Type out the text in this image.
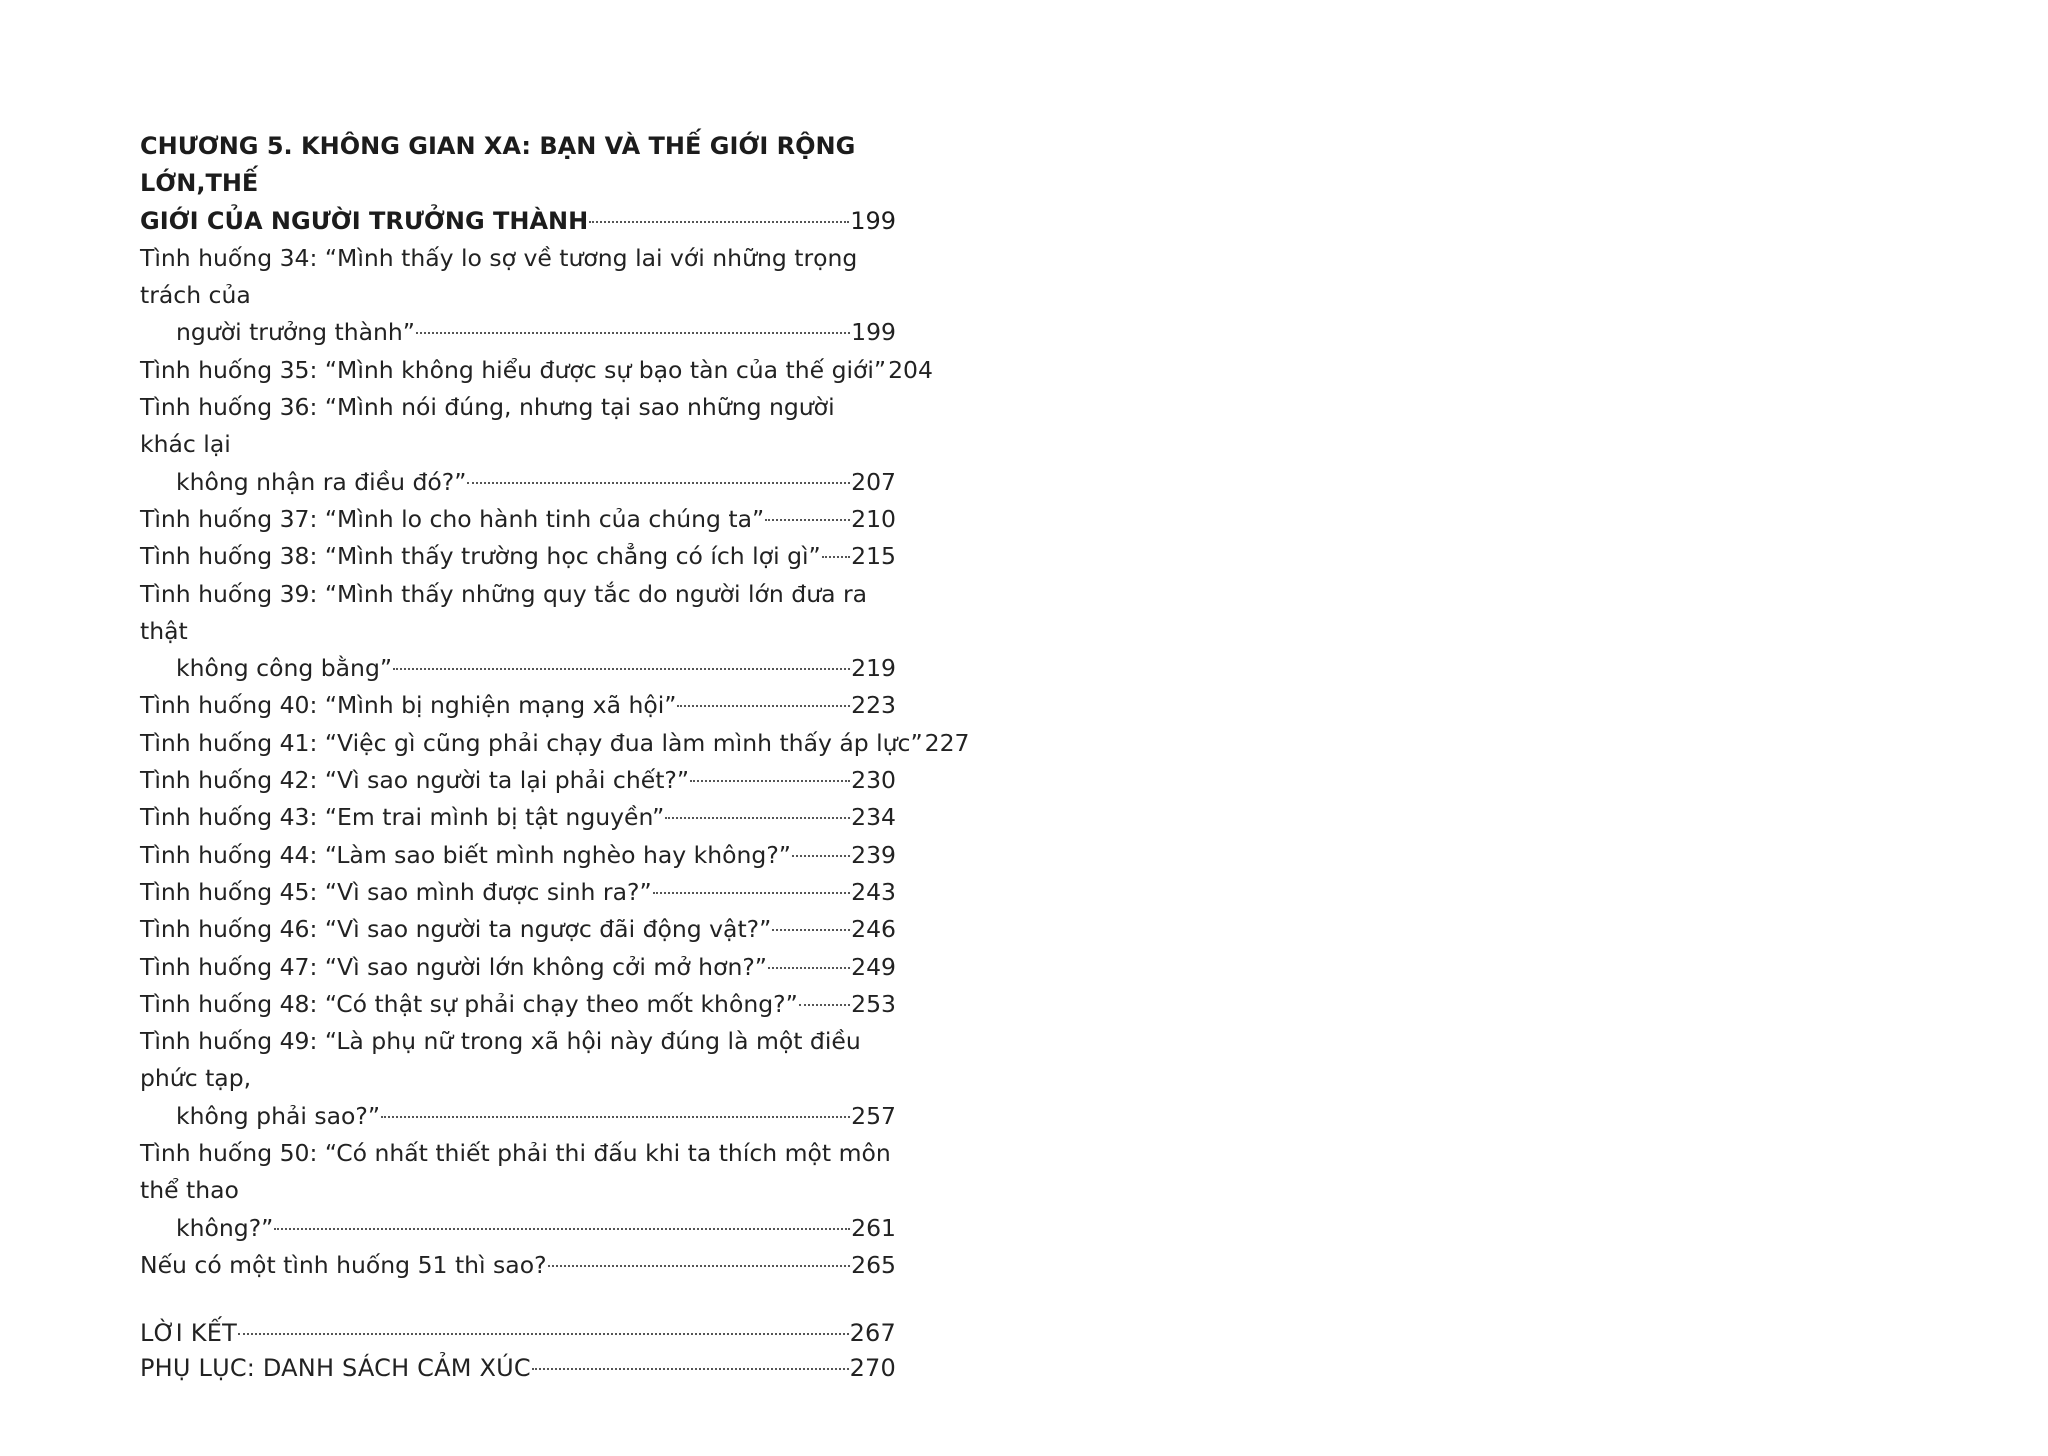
CHƯƠNG 5. KHÔNG GIAN XA: BẠN VÀ THẾ GIỚI RỘNG LỚN,THẾ
GIỚI CỦA NGƯỜI TRƯỞNG THÀNH	199
Tình huống 34: “Mình thấy lo sợ về tương lai với những trọng trách của
người trưởng thành”	199
Tình huống 35: “Mình không hiểu được sự bạo tàn của thế giới” 204
Tình huống 36: “Mình nói đúng, nhưng tại sao những người khác lại
không nhận ra điều đó?”	207
Tình huống 37: “Mình lo cho hành tinh của chúng ta”	210
Tình huống 38: “Mình thấy trường học chẳng có ích lợi gì” 215
Tình huống 39: “Mình thấy những quy tắc do người lớn đưa ra thật
không công bằng”	219
Tình huống 40: “Mình bị nghiện mạng xã hội”	223
Tình huống 41: “Việc gì cũng phải chạy đua làm mình thấy áp lực” 227
Tình huống 42: “Vì sao người ta lại phải chết?”	230
Tình huống 43: “Em trai mình bị tật nguyền”	234
Tình huống 44: “Làm sao biết mình nghèo hay không?”	239
Tình huống 45: “Vì sao mình được sinh ra?”	243
Tình huống 46: “Vì sao người ta ngược đãi động vật?”	246
Tình huống 47: “Vì sao người lớn không cởi mở hơn?”	249
Tình huống 48: “Có thật sự phải chạy theo mốt không?” 253
Tình huống 49: “Là phụ nữ trong xã hội này đúng là một điều phức tạp,
không phải sao?”	257
Tình huống 50: “Có nhất thiết phải thi đấu khi ta thích một môn thể thao
không?”	261
Nếu có một tình huống 51 thì sao?	265
LỜI KẾT	267
PHỤ LỤC: DANH SÁCH CẢM XÚC	270
